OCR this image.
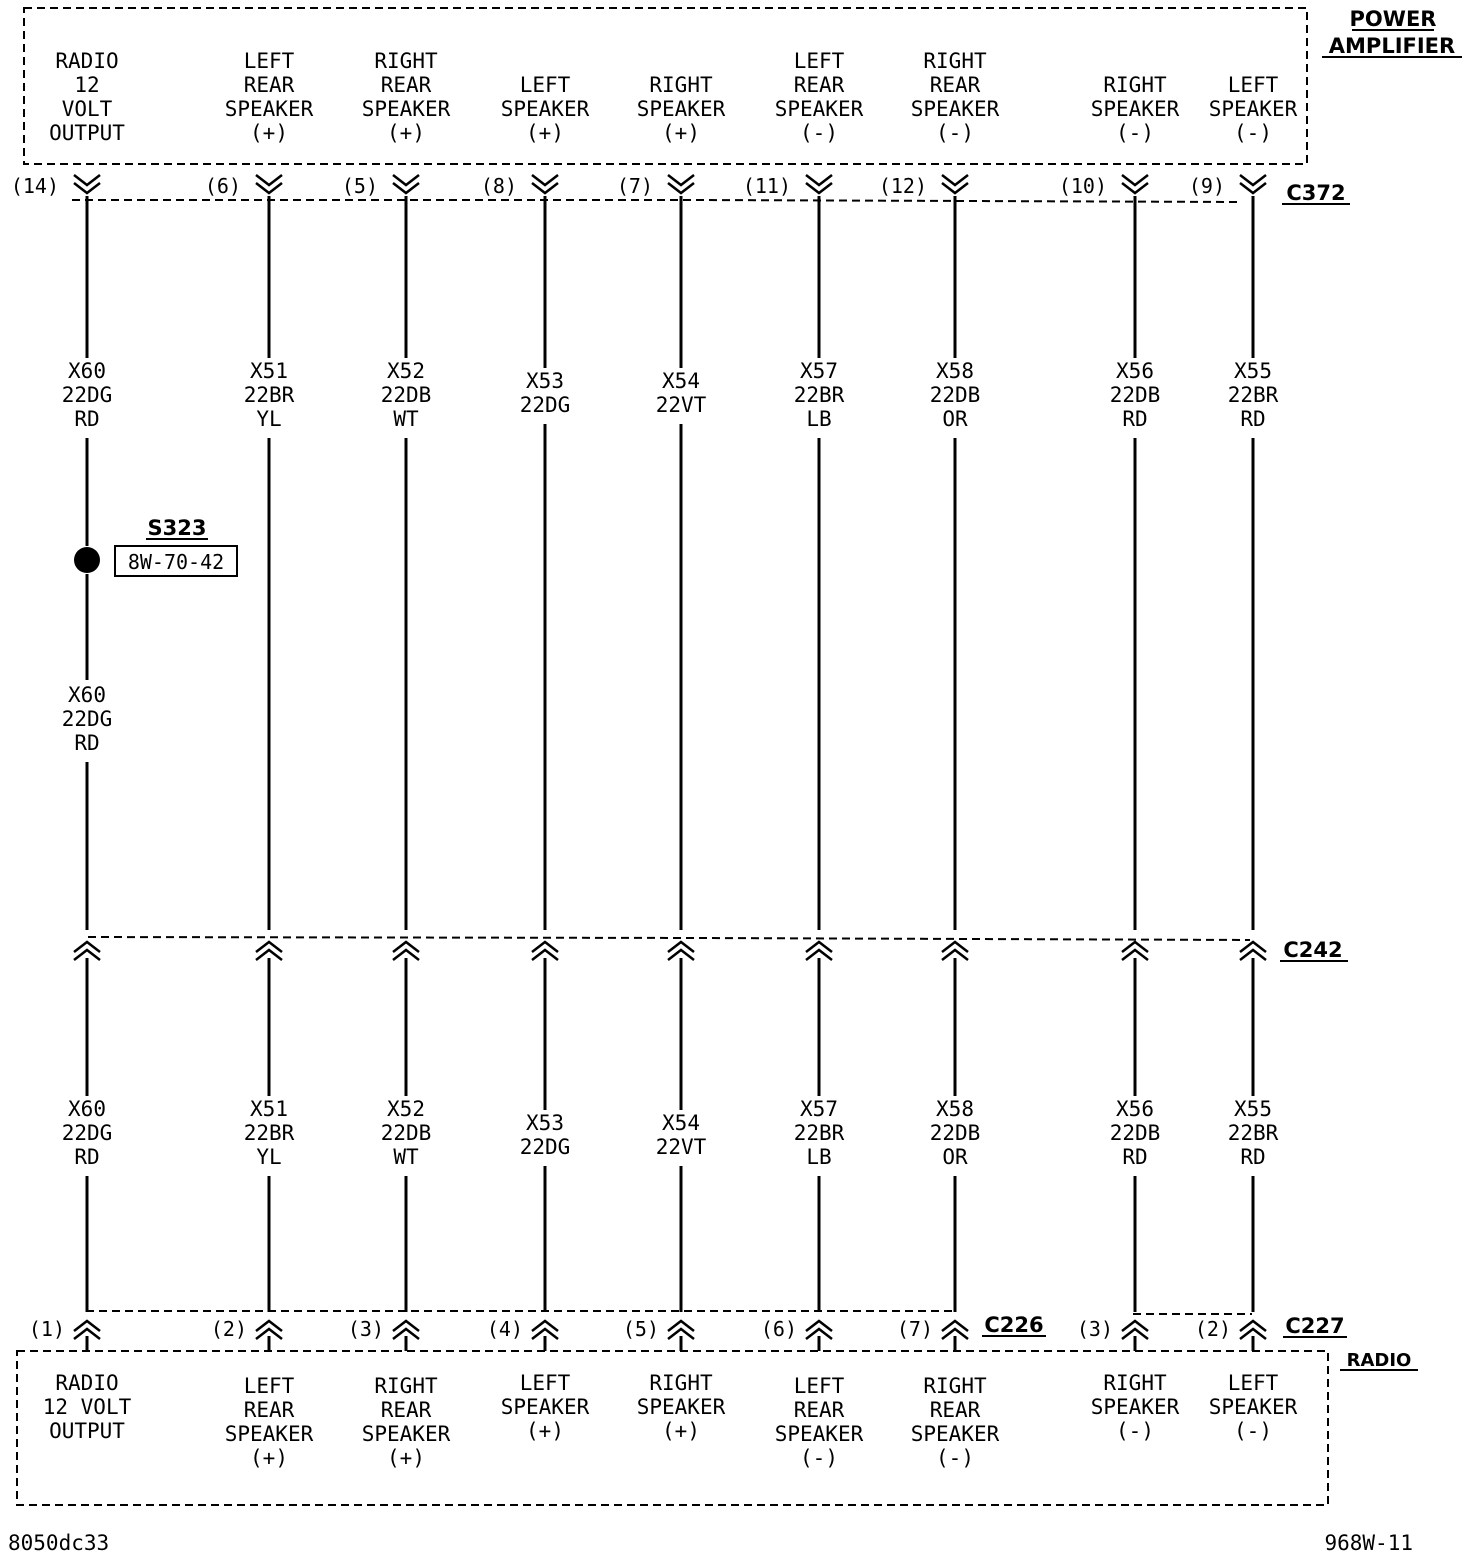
POWER
AMPLIFIER
C372
C242
C226	C227
RADIO
S323
8W-70-42
RADIO
12
VOLT
OUTPUT
(14)
X60
22DG
RD
X60
22DG
RD
X60
22DG
RD
(1)
RADIO
12 VOLT
OUTPUT
LEFT
REAR
SPEAKER
(+)
(6)
X51
22BR
YL
X51
22BR
YL
(2)
LEFT
REAR
SPEAKER
(+)
RIGHT
REAR
SPEAKER
(+)
(5)
X52
22DB
WT
X52
22DB
WT
(3)
RIGHT
REAR
SPEAKER
(+)
LEFT
SPEAKER
(+)
(8)
X53
22DG
X53
22DG
(4)
LEFT
SPEAKER
(+)
RIGHT
SPEAKER
(+)
(7)
X54
22VT
X54
22VT
(5)
RIGHT
SPEAKER
(+)
LEFT
REAR
SPEAKER
(-)
(11)
X57
22BR
LB
X57
22BR
LB
(6)
LEFT
REAR
SPEAKER
(-)
RIGHT
REAR
SPEAKER
(-)
(12)
X58
22DB
OR
X58
22DB
OR
(7)
RIGHT
REAR
SPEAKER
(-)
RIGHT
SPEAKER
(-)
(10)
X56
22DB
RD
X56
22DB
RD
(3)
RIGHT
SPEAKER
(-)
LEFT
SPEAKER
(-)
(9)
X55
22BR
RD
X55
22BR
RD
(2)
LEFT
SPEAKER
(-)
8050dc33	968W-11
